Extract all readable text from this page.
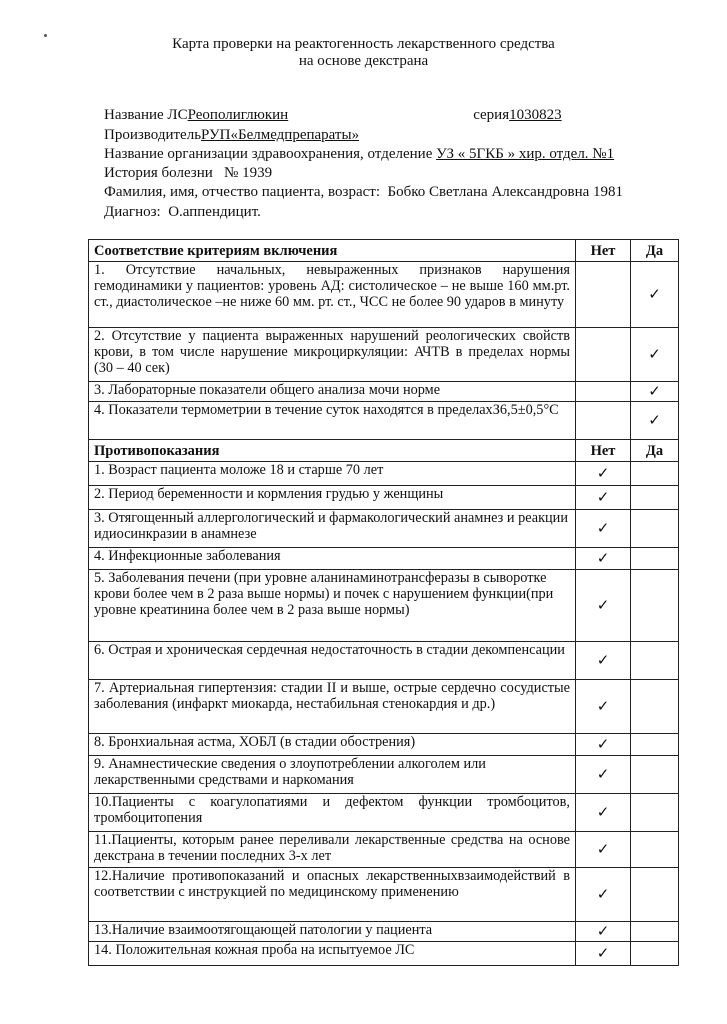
Карта проверки на реактогенность лекарственного средства
на основе декстрана
Название ЛСРеополиглюкин	серия1030823
ПроизводительРУП«Белмедпрепараты»
Название организации здравоохранения, отделение УЗ « 5ГКБ » хир. отдел. №1
История болезни № 1939
Фамилия, имя, отчество пациента, возраст: Бобко Светлана Александровна 1981
Диагноз: О.аппендицит.
Соответствие критериям включения	Нет	Да
1. Отсутствие начальных, невыраженных признаков нарушения гемодинамики у пациентов: уровень АД: систолическое – не выше 160 мм.рт. ст., диастолическое –не ниже 60 мм. рт. ст., ЧСС не более 90 ударов в минуту		✓
2. Отсутствие у пациента выраженных нарушений реологических свойств крови, в том числе нарушение микроциркуляции: АЧТВ в пределах нормы (30 – 40 сек)		✓
3. Лабораторные показатели общего анализа мочи норме		✓
4. Показатели термометрии в течение суток находятся в пределахЗ6,5±0,5°С		✓
Противопоказания	Нет	Да
1. Возраст пациента моложе 18 и старше 70 лет	✓	
2. Период беременности и кормления грудью у женщины	✓	
3. Отягощенный аллергологический и фармакологический анамнез и реакции идиосинкразии в анамнезе	✓	
4. Инфекционные заболевания	✓	
5. Заболевания печени (при уровне аланинаминотрансферазы в сыворотке крови более чем в 2 раза выше нормы) и почек с нарушением функции(при уровне креатинина более чем в 2 раза выше нормы)	✓	
6. Острая и хроническая сердечная недостаточность в стадии декомпенсации	✓	
7. Артериальная гипертензия: стадии II и выше, острые сердечно сосудистые заболевания (инфаркт миокарда, нестабильная стенокардия и др.)	✓	
8. Бронхиальная астма, ХОБЛ (в стадии обострения)	✓	
9. Анамнестические сведения о злоупотреблении алкоголем или лекарственными средствами и наркомания	✓	
10.Пациенты с коагулопатиями и дефектом функции тромбоцитов, тромбоцитопения	✓	
11.Пациенты, которым ранее переливали лекарственные средства на основе декстрана в течении последних 3-х лет	✓	
12.Наличие противопоказаний и опасных лекарственныхвзаимодействий в соответствии с инструкцией по медицинскому применению	✓	
13.Наличие взаимоотягощающей патологии у пациента	✓	
14. Положительная кожная проба на испытуемое ЛС	✓	
